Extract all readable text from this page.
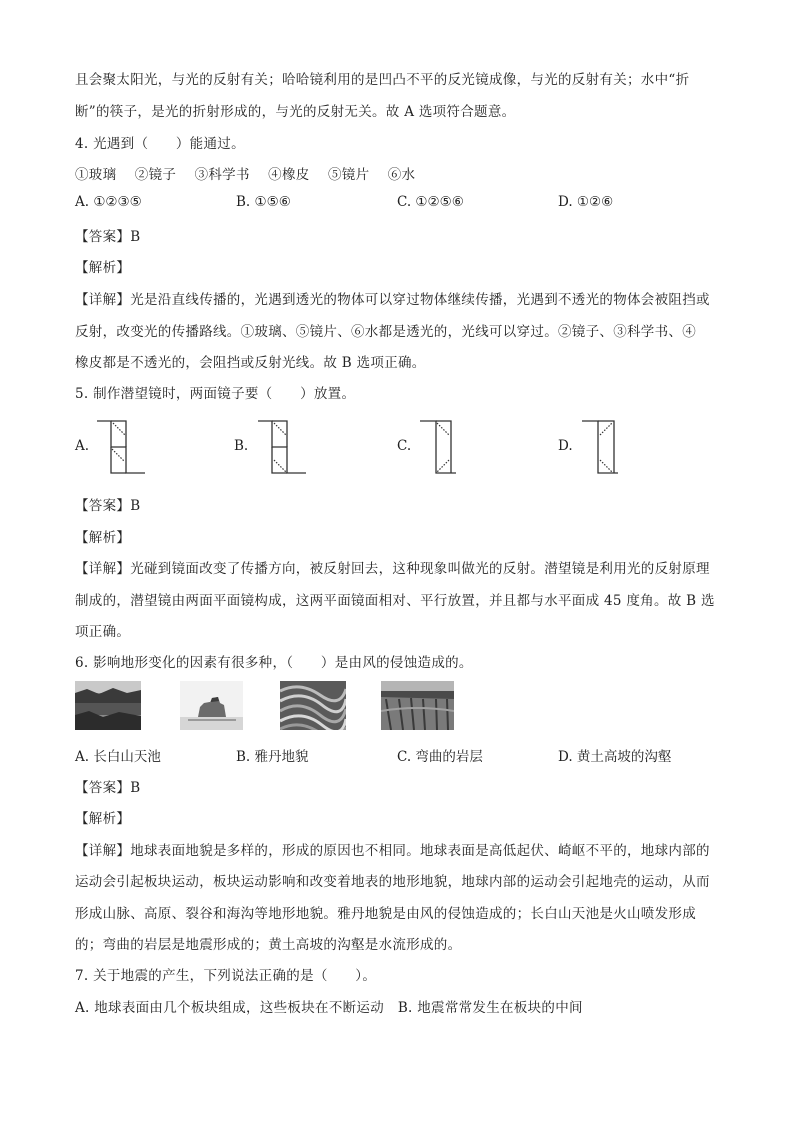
且会聚太阳光，与光的反射有关；哈哈镜利用的是凹凸不平的反光镜成像，与光的反射有关；水中“折
断”的筷子，是光的折射形成的，与光的反射无关。故 A 选项符合题意。
4. 光遇到（　　）能通过。
①玻璃　 ②镜子　 ③科学书　 ④橡皮　 ⑤镜片　 ⑥水
A. ①②③⑤	B. ①⑤⑥	C. ①②⑤⑥	D. ①②⑥
【答案】B
【解析】
【详解】光是沿直线传播的，光遇到透光的物体可以穿过物体继续传播，光遇到不透光的物体会被阻挡或
反射，改变光的传播路线。①玻璃、⑤镜片、⑥水都是透光的，光线可以穿过。②镜子、③科学书、④
橡皮都是不透光的，会阻挡或反射光线。故 B 选项正确。
5. 制作潜望镜时，两面镜子要（　　）放置。
A.	B.	C.	D.
【答案】B
【解析】
【详解】光碰到镜面改变了传播方向，被反射回去，这种现象叫做光的反射。潜望镜是利用光的反射原理
制成的，潜望镜由两面平面镜构成，这两平面镜面相对、平行放置，并且都与水平面成 45 度角。故 B 选
项正确。
6. 影响地形变化的因素有很多种，（　　）是由风的侵蚀造成的。
A. 长白山天池	B. 雅丹地貌	C. 弯曲的岩层	D. 黄土高坡的沟壑
【答案】B
【解析】
【详解】地球表面地貌是多样的，形成的原因也不相同。地球表面是高低起伏、崎岖不平的，地球内部的
运动会引起板块运动，板块运动影响和改变着地表的地形地貌，地球内部的运动会引起地壳的运动，从而
形成山脉、高原、裂谷和海沟等地形地貌。雅丹地貌是由风的侵蚀造成的；长白山天池是火山喷发形成
的；弯曲的岩层是地震形成的；黄土高坡的沟壑是水流形成的。
7. 关于地震的产生，下列说法正确的是（　　）。
A. 地球表面由几个板块组成，这些板块在不断运动　B. 地震常常发生在板块的中间
